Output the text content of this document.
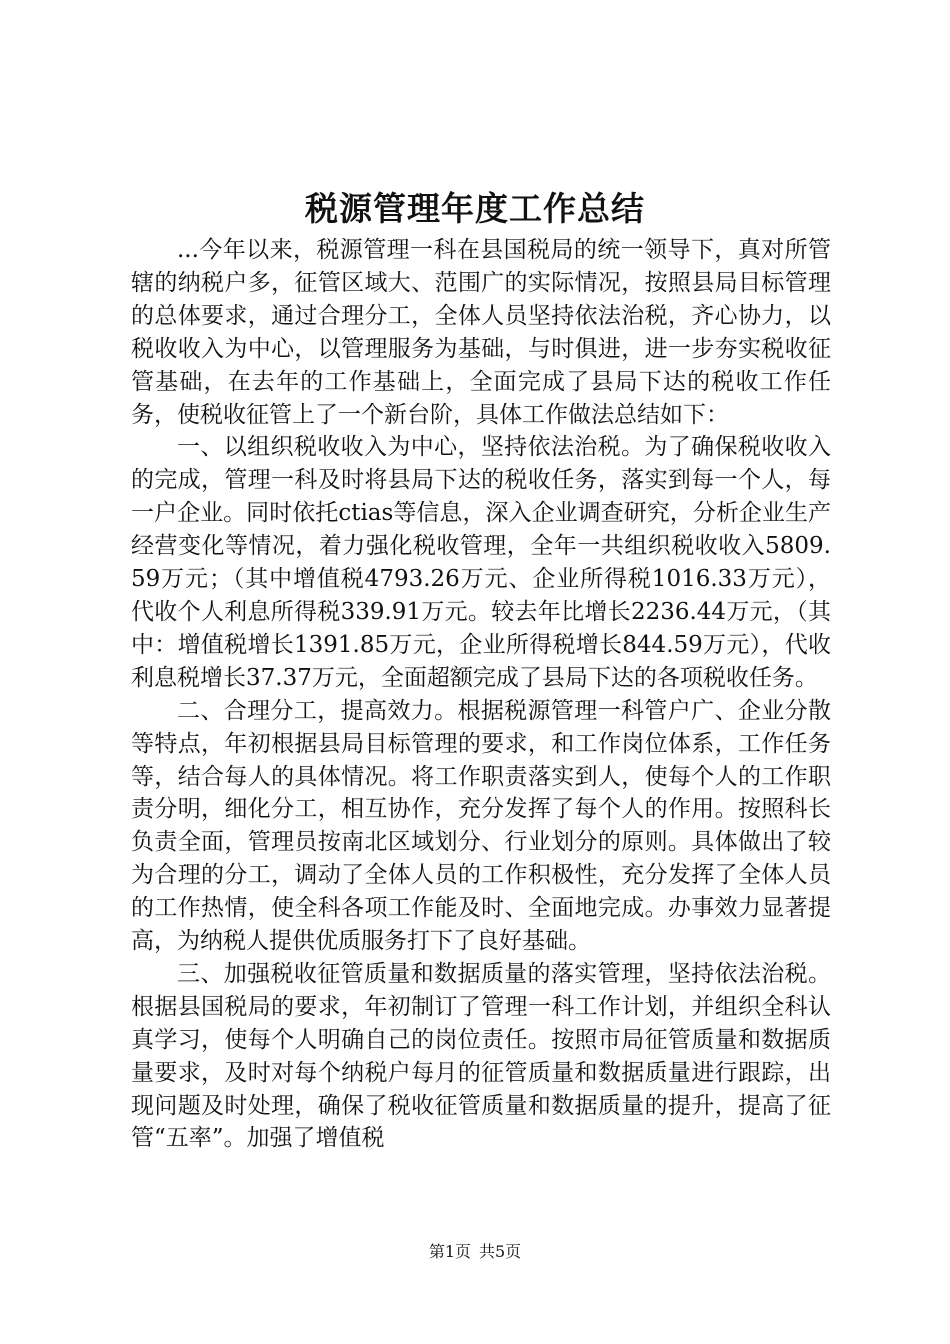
税源管理年度工作总结

...今年以来，税源管理一科在县国税局的统一领导下，真对所管辖的纳税户多，征管区域大、范围广的实际情况，按照县局目标管理的总体要求，通过合理分工，全体人员坚持依法治税，齐心协力，以税收收入为中心，以管理服务为基础，与时俱进，进一步夯实税收征管基础，在去年的工作基础上，全面完成了县局下达的税收工作任务，使税收征管上了一个新台阶，具体工作做法总结如下：

一、以组织税收收入为中心，坚持依法治税。为了确保税收收入的完成，管理一科及时将县局下达的税收任务，落实到每一个人，每一户企业。同时依托ctias等信息，深入企业调查研究，分析企业生产经营变化等情况，着力强化税收管理，全年一共组织税收收入5809.59万元；（其中增值税4793.26万元、企业所得税1016.33万元），代收个人利息所得税339.91万元。较去年比增长2236.44万元，（其中：增值税增长1391.85万元，企业所得税增长844.59万元），代收利息税增长37.37万元，全面超额完成了县局下达的各项税收任务。

二、合理分工，提高效力。根据税源管理一科管户广、企业分散等特点，年初根据县局目标管理的要求，和工作岗位体系，工作任务等，结合每人的具体情况。将工作职责落实到人，使每个人的工作职责分明，细化分工，相互协作，充分发挥了每个人的作用。按照科长负责全面，管理员按南北区域划分、行业划分的原则。具体做出了较为合理的分工，调动了全体人员的工作积极性，充分发挥了全体人员的工作热情，使全科各项工作能及时、全面地完成。办事效力显著提高，为纳税人提供优质服务打下了良好基础。

三、加强税收征管质量和数据质量的落实管理，坚持依法治税。根据县国税局的要求，年初制订了管理一科工作计划，并组织全科认真学习，使每个人明确自己的岗位责任。按照市局征管质量和数据质量要求，及时对每个纳税户每月的征管质量和数据质量进行跟踪，出现问题及时处理，确保了税收征管质量和数据质量的提升，提高了征管“五率”。加强了增值税

第1页 共5页
